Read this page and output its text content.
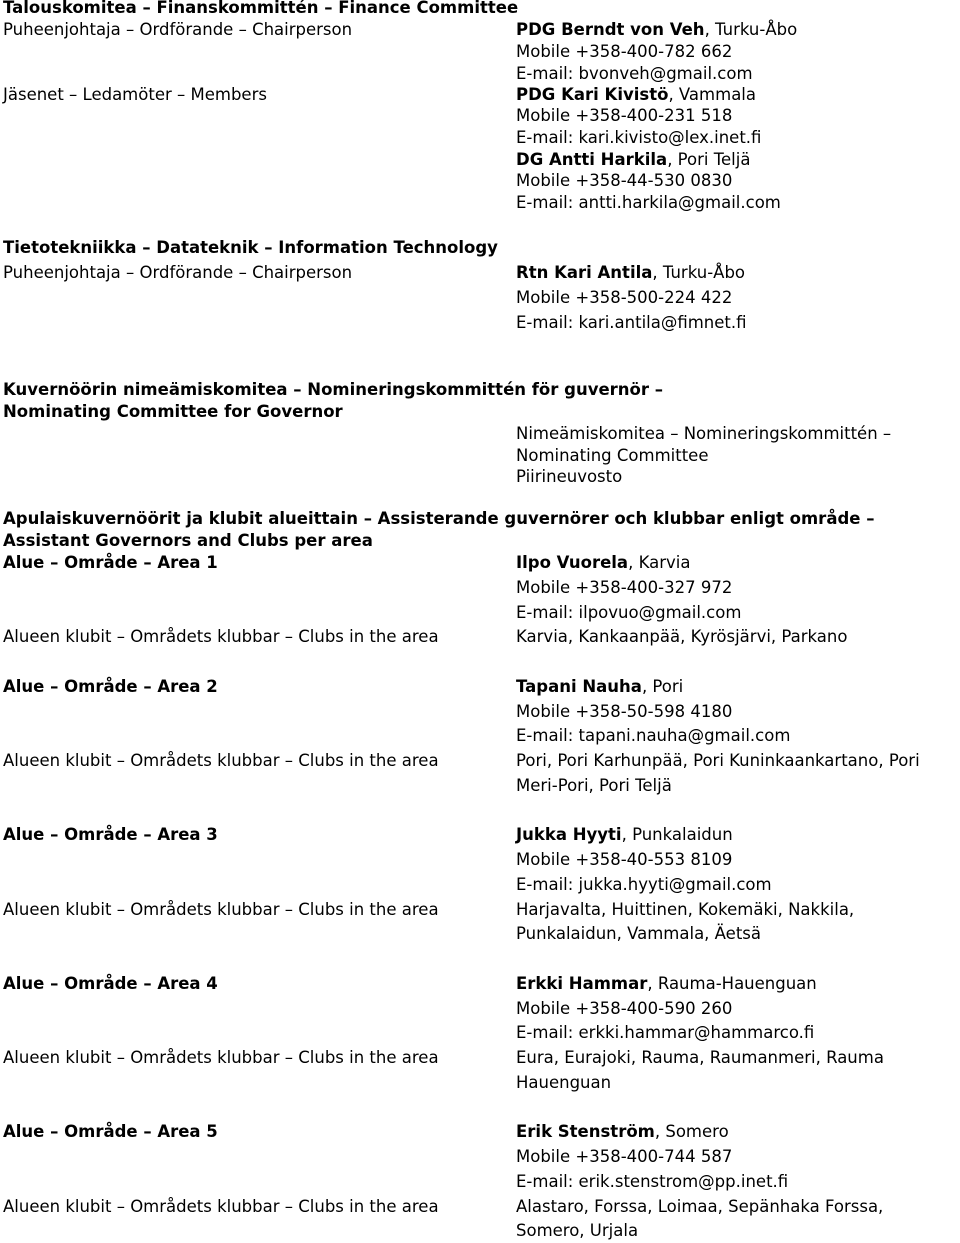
Talouskomitea – Finanskommittén – Finance Committee
Puheenjohtaja – Ordförande – Chairperson	PDG Berndt von Veh, Turku-Åbo
Mobile +358-400-782 662
E-mail: bvonveh@gmail.com
Jäsenet – Ledamöter – Members	PDG Kari Kivistö, Vammala
Mobile +358-400-231 518
E-mail: kari.kivisto@lex.inet.fi
DG Antti Harkila, Pori Teljä
Mobile +358-44-530 0830
E-mail: antti.harkila@gmail.com
Tietotekniikka – Datateknik – Information Technology
Puheenjohtaja – Ordförande – Chairperson	Rtn Kari Antila, Turku-Åbo
Mobile +358-500-224 422
E-mail: kari.antila@fimnet.fi
Kuvernöörin nimeämiskomitea – Nomineringskommittén för guvernör –
Nominating Committee for Governor
Nimeämiskomitea – Nomineringskommittén –
Nominating Committee
Piirineuvosto
Apulaiskuvernöörit ja klubit alueittain – Assisterande guvernörer och klubbar enligt område –
Assistant Governors and Clubs per area
Alue – Område – Area 1	Ilpo Vuorela, Karvia
Mobile +358-400-327 972
E-mail: ilpovuo@gmail.com
Alueen klubit – Områdets klubbar – Clubs in the area	Karvia, Kankaanpää, Kyrösjärvi, Parkano
Alue – Område – Area 2	Tapani Nauha, Pori
Mobile +358-50-598 4180
E-mail: tapani.nauha@gmail.com
Alueen klubit – Områdets klubbar – Clubs in the area	Pori, Pori Karhunpää, Pori Kuninkaankartano, Pori
Meri-Pori, Pori Teljä
Alue – Område – Area 3	Jukka Hyyti, Punkalaidun
Mobile +358-40-553 8109
E-mail: jukka.hyyti@gmail.com
Alueen klubit – Områdets klubbar – Clubs in the area	Harjavalta, Huittinen, Kokemäki, Nakkila,
Punkalaidun, Vammala, Äetsä
Alue – Område – Area 4	Erkki Hammar, Rauma-Hauenguan
Mobile +358-400-590 260
E-mail: erkki.hammar@hammarco.fi
Alueen klubit – Områdets klubbar – Clubs in the area	Eura, Eurajoki, Rauma, Raumanmeri, Rauma
Hauenguan
Alue – Område – Area 5	Erik Stenström, Somero
Mobile +358-400-744 587
E-mail: erik.stenstrom@pp.inet.fi
Alueen klubit – Områdets klubbar – Clubs in the area	Alastaro, Forssa, Loimaa, Sepänhaka Forssa,
Somero, Urjala
